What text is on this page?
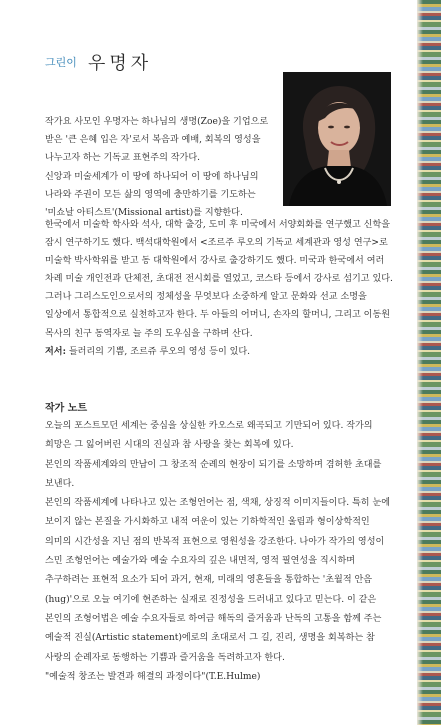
그린이 우명자

작가요 사모인 우명자는 하나님의 생명(Zoe)을 기업으로 받은 '큰 은혜 입은 자'로서 복음과 예배, 회복의 영성을 나누고자 하는 기독교 표현주의 작가다.

신앙과 미술세계가 이 땅에 하나되어 이 땅에 하나님의 나라와 주권이 모든 삶의 영역에 충만하기를 기도하는 '미쇼날 아티스트'(Missional artist)를 지향한다.

한국에서 미술학 학사와 석사, 대학 출강, 도미 후 미국에서 서양회화를 연구했고 신학을 잠시 연구하기도 했다. 백석대학원에서 <조르주 루오의 기독교 세계관과 영성 연구>로 미술학 박사학위를 받고 동 대학원에서 강사로 출강하기도 했다. 미국과 한국에서 여러 차례 미술 개인전과 단체전, 초대전 전시회를 열었고, 코스타 등에서 강사로 섬기고 있다.

그러나 그리스도인으로서의 정체성을 무엇보다 소중하게 알고 문화와 선교 소명을 일상에서 통합적으로 실천하고자 한다. 두 아들의 어머니, 손자의 할머니, 그리고 이동원 목사의 친구 동역자로 늘 주의 도우심을 구하며 산다.

저서: 들러리의 기쁨, 조르쥬 루오의 영성 등이 있다.

작가 노트

오늘의 포스트모던 세계는 중심을 상실한 카오스로 왜곡되고 기만되어 있다. 작가의 희망은 그 잃어버린 시대의 진실과 참 사랑을 찾는 회복에 있다.

본인의 작품세계와의 만남이 그 창조적 순례의 현장이 되기를 소망하며 겸허한 초대를 보낸다.

본인의 작품세계에 나타나고 있는 조형언어는 점, 색채, 상징적 이미지들이다. 특히 눈에 보이지 않는 본질을 가시화하고 내적 여운이 있는 기하학적인 울림과 형이상학적인 의미의 시간성을 지닌 점의 반복적 표현으로 영원성을 강조한다. 나아가 작가의 영성이 스민 조형언어는 예술가와 예술 수요자의 깊은 내면적, 영적 필연성을 직시하며 추구하려는 표현적 요소가 되어 과거, 현재, 미래의 영혼들을 통합하는 '초월적 안음(hug)'으로 오늘 여기에 현존하는 실재로 진정성을 드러내고 있다고 믿는다. 이 같은 본인의 조형어법은 예술 수요자들로 하여금 해독의 즐거움과 난독의 고통을 함께 주는 예술적 진실(Artistic statement)에로의 초대로서 그 길, 진리, 생명을 회복하는 참 사랑의 순례자로 동행하는 기쁨과 즐거움을 독려하고자 한다.

"예술적 창조는 발견과 해결의 과정이다"(T.E.Hulme)
